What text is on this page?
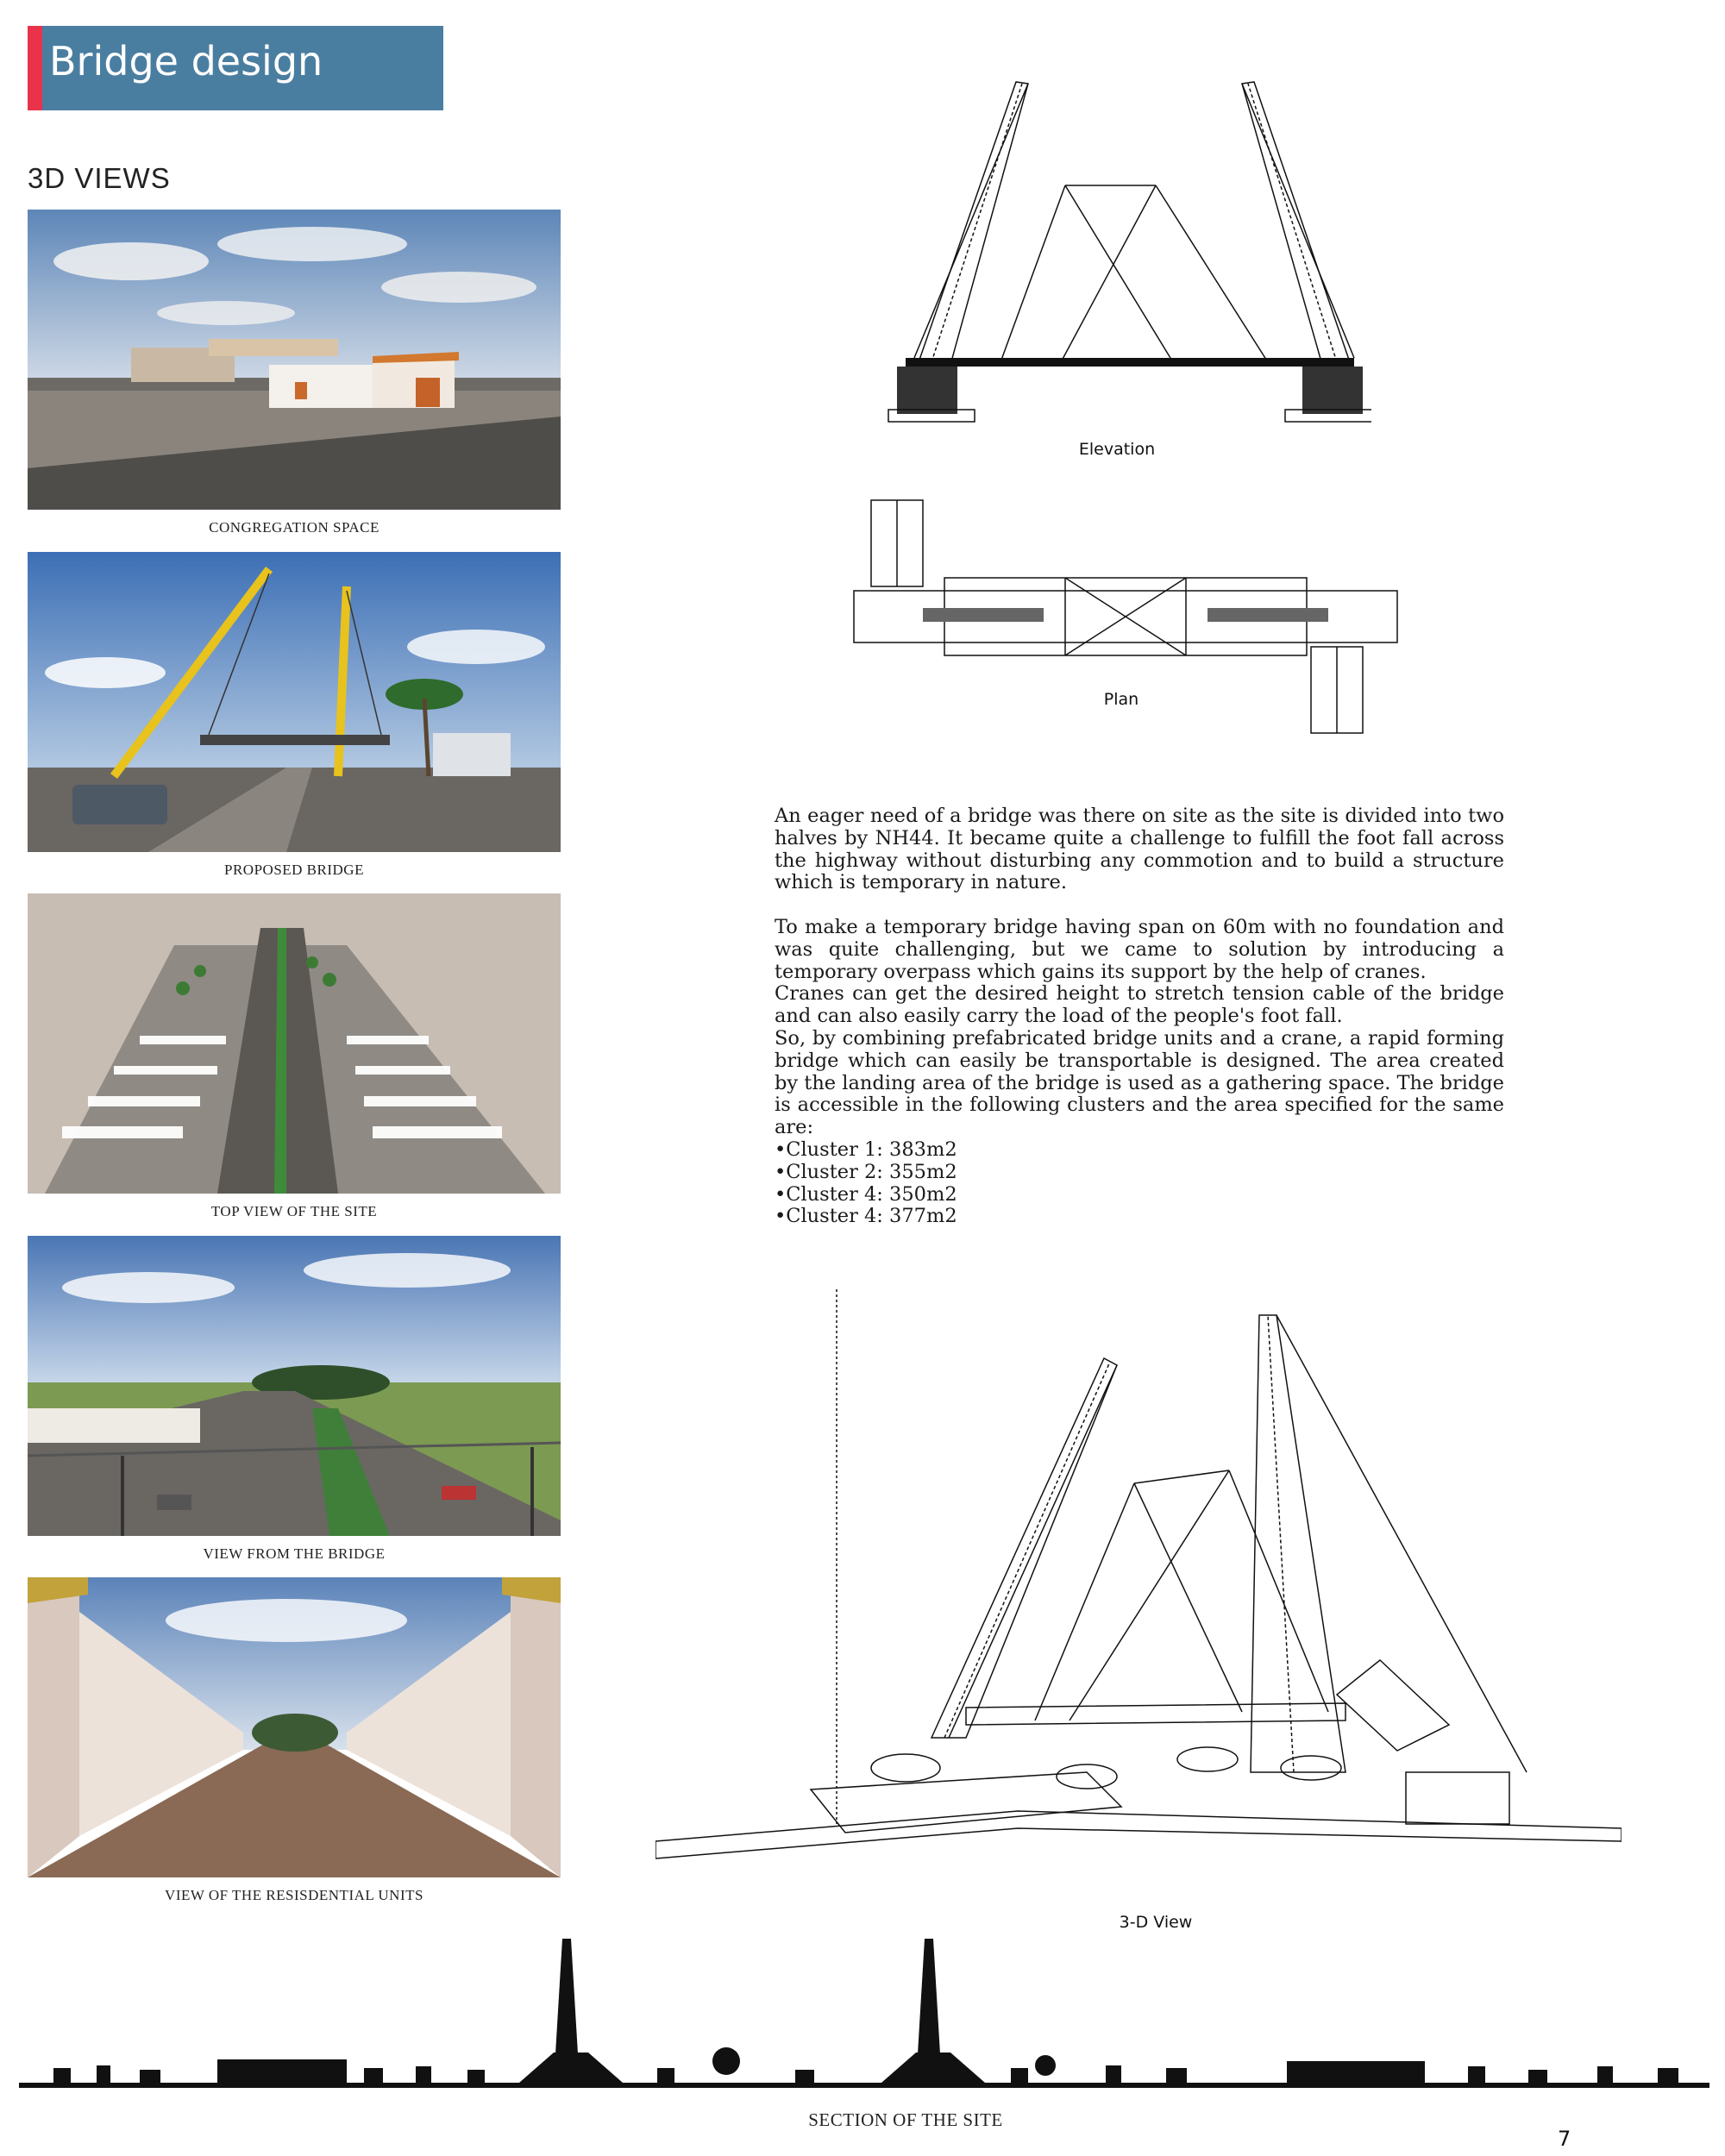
Bridge design
3D VIEWS
CONGREGATION SPACE
PROPOSED BRIDGE
TOP VIEW OF THE SITE
VIEW FROM THE BRIDGE
VIEW OF THE RESISDENTIAL UNITS
Elevation
Plan

An eager need of a bridge was there on site as the site is divided into two halves by NH44. It became quite a challenge to fulfill the foot fall across the highway without disturbing any commotion and to build a structure which is temporary in nature.

To make a temporary bridge having span on 60m with no foundation and was quite challenging, but we came to solution by introducing a temporary overpass which gains its support by the help of cranes.
Cranes can get the desired height to stretch tension cable of the bridge and can also easily carry the load of the people's foot fall.
So, by combining prefabricated bridge units and a crane, a rapid forming bridge which can easily be transportable is designed. The area created by the landing area of the bridge is used as a gathering space. The bridge is accessible in the following clusters and the area specified for the same are:
•Cluster 1: 383m2
•Cluster 2: 355m2
•Cluster 4: 350m2
•Cluster 4: 377m2
3-D View
SECTION OF THE SITE
7
